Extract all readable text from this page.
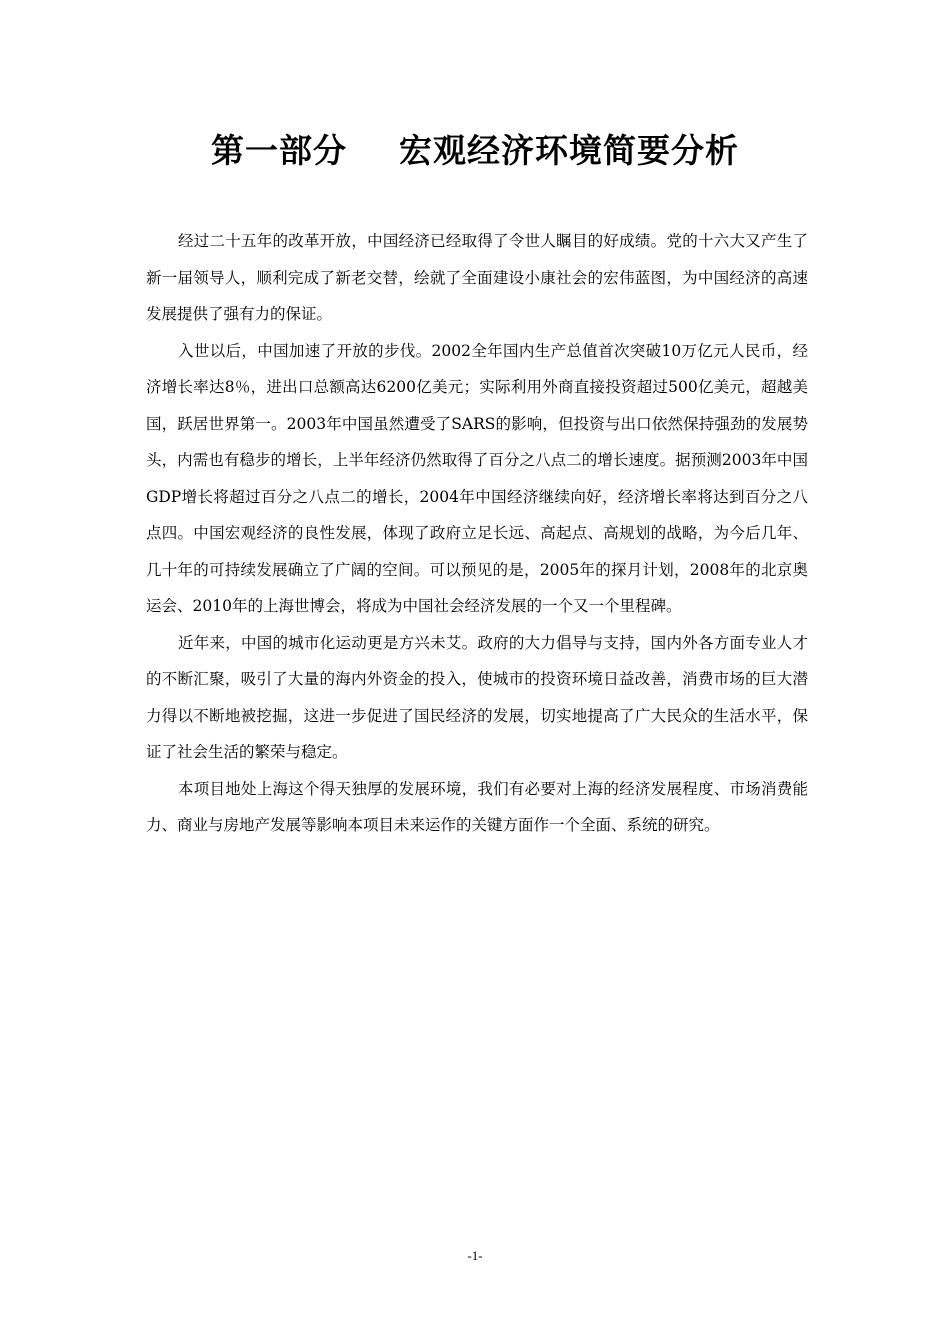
第一部分 宏观经济环境简要分析

经过二十五年的改革开放，中国经济已经取得了令世人瞩目的好成绩。党的十六大又产生了新一届领导人，顺利完成了新老交替，绘就了全面建设小康社会的宏伟蓝图，为中国经济的高速发展提供了强有力的保证。

入世以后，中国加速了开放的步伐。2002全年国内生产总值首次突破10万亿元人民币，经济增长率达8％，进出口总额高达6200亿美元；实际利用外商直接投资超过500亿美元，超越美国，跃居世界第一。2003年中国虽然遭受了SARS的影响，但投资与出口依然保持强劲的发展势头，内需也有稳步的增长，上半年经济仍然取得了百分之八点二的增长速度。据预测2003年中国GDP增长将超过百分之八点二的增长，2004年中国经济继续向好，经济增长率将达到百分之八点四。中国宏观经济的良性发展，体现了政府立足长远、高起点、高规划的战略，为今后几年、几十年的可持续发展确立了广阔的空间。可以预见的是，2005年的探月计划，2008年的北京奥运会、2010年的上海世博会，将成为中国社会经济发展的一个又一个里程碑。

近年来，中国的城市化运动更是方兴未艾。政府的大力倡导与支持，国内外各方面专业人才的不断汇聚，吸引了大量的海内外资金的投入，使城市的投资环境日益改善，消费市场的巨大潜力得以不断地被挖掘，这进一步促进了国民经济的发展，切实地提高了广大民众的生活水平，保证了社会生活的繁荣与稳定。

本项目地处上海这个得天独厚的发展环境，我们有必要对上海的经济发展程度、市场消费能力、商业与房地产发展等影响本项目未来运作的关键方面作一个全面、系统的研究。

-1-
